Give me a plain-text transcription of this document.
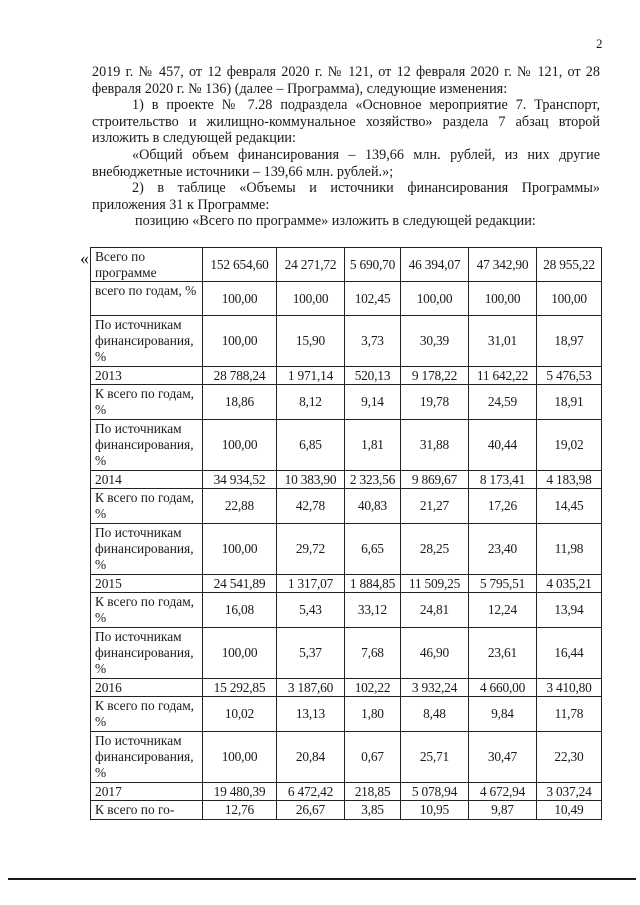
2

2019 г. № 457, от 12 февраля 2020 г. № 121, от 12 февраля 2020 г. № 121, от 28 февраля 2020 г. № 136) (далее – Программа), следующие изменения:

1) в проекте № 7.28 подраздела «Основное мероприятие 7. Транспорт, строительство и жилищно-коммунальное хозяйство» раздела 7 абзац второй изложить в следующей редакции:

«Общий объем финансирования – 139,66 млн. рублей, из них другие внебюджетные источники – 139,66 млн. рублей.»;

2) в таблице «Объемы и источники финансирования Программы» приложения 31 к Программе:

позицию «Всего по программе» изложить в следующей редакции:

« Всего по программе	152 654,60	24 271,72	5 690,70	46 394,07	47 342,90	28 955,22
всего по годам, %	100,00	100,00	102,45	100,00	100,00	100,00
По источникам финансирования, %	100,00	15,90	3,73	30,39	31,01	18,97
2013	28 788,24	1 971,14	520,13	9 178,22	11 642,22	5 476,53
К всего по годам, %	18,86	8,12	9,14	19,78	24,59	18,91
По источникам финансирования, %	100,00	6,85	1,81	31,88	40,44	19,02
2014	34 934,52	10 383,90	2 323,56	9 869,67	8 173,41	4 183,98
К всего по годам, %	22,88	42,78	40,83	21,27	17,26	14,45
По источникам финансирования, %	100,00	29,72	6,65	28,25	23,40	11,98
2015	24 541,89	1 317,07	1 884,85	11 509,25	5 795,51	4 035,21
К всего по годам, %	16,08	5,43	33,12	24,81	12,24	13,94
По источникам финансирования, %	100,00	5,37	7,68	46,90	23,61	16,44
2016	15 292,85	3 187,60	102,22	3 932,24	4 660,00	3 410,80
К всего по годам, %	10,02	13,13	1,80	8,48	9,84	11,78
По источникам финансирования, %	100,00	20,84	0,67	25,71	30,47	22,30
2017	19 480,39	6 472,42	218,85	5 078,94	4 672,94	3 037,24
К всего по го-	12,76	26,67	3,85	10,95	9,87	10,49
